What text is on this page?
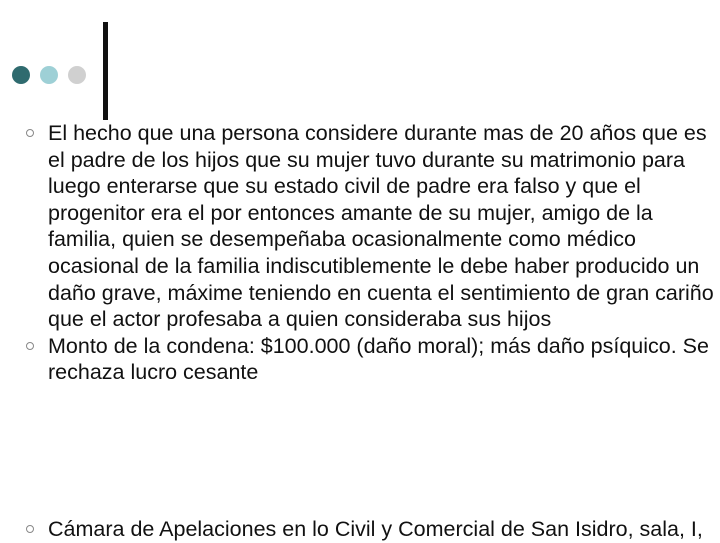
El hecho que una persona considere durante mas de 20 años que es el padre de los hijos que su mujer tuvo durante su matrimonio para luego enterarse que su estado civil de padre era falso y que el progenitor era el por entonces amante de su mujer, amigo de la familia, quien se desempeñaba ocasionalmente como médico ocasional de la familia indiscutiblemente le debe haber producido un daño grave, máxime teniendo en cuenta el sentimiento de gran cariño que el actor profesaba a quien consideraba sus hijos
Monto de la condena: $100.000 (daño moral); más daño psíquico. Se rechaza lucro cesante
Cámara de Apelaciones en lo Civil y Comercial de San Isidro, sala, I,
